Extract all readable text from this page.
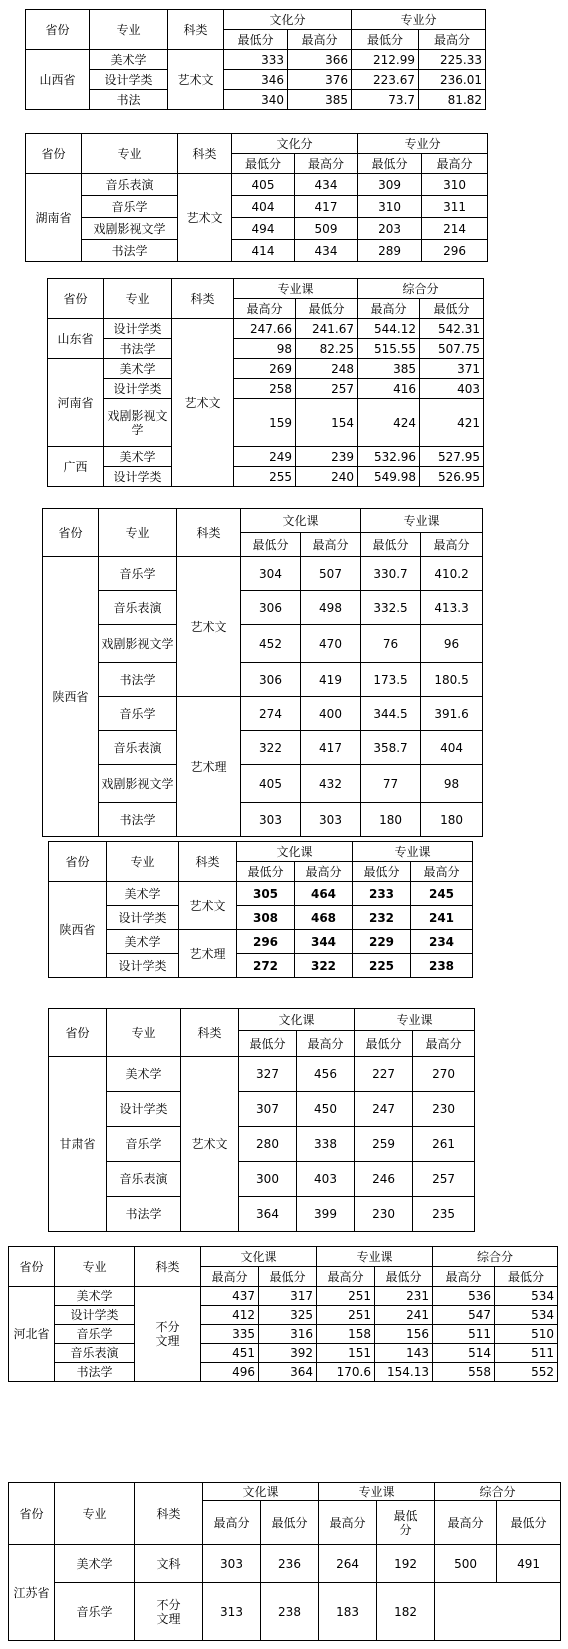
省份	专业	科类	文化分		专业分	
			最低分	最高分	最低分	最高分
山西省	美术学	艺术文	333	366	212.99	225.33
	设计学类		346	376	223.67	236.01
	书法		340	385	73.7	81.82
省份	专业	科类	文化分		专业分	
			最低分	最高分	最低分	最高分
湖南省	音乐表演	艺术文	405	434	309	310
	音乐学		404	417	310	311
	戏剧影视文学		494	509	203	214
	书法学		414	434	289	296
省份	专业	科类	专业课		综合分	
			最高分	最低分	最高分	最低分
山东省	设计学类	艺术文	247.66	241.67	544.12	542.31
	书法学		98	82.25	515.55	507.75
河南省	美术学		269	248	385	371
	设计学类		258	257	416	403
	戏剧影视文学		159	154	424	421
广西	美术学		249	239	532.96	527.95
	设计学类		255	240	549.98	526.95
省份	专业	科类	文化课		专业课	
			最低分	最高分	最低分	最高分
陕西省	音乐学	艺术文	304	507	330.7	410.2
	音乐表演		306	498	332.5	413.3
	戏剧影视文学		452	470	76	96
	书法学		306	419	173.5	180.5
	音乐学	艺术理	274	400	344.5	391.6
	音乐表演		322	417	358.7	404
	戏剧影视文学		405	432	77	98
	书法学		303	303	180	180
省份	专业	科类	文化课		专业课	
			最低分	最高分	最低分	最高分
陕西省	美术学	艺术文	305	464	233	245
	设计学类		308	468	232	241
	美术学	艺术理	296	344	229	234
	设计学类		272	322	225	238
省份	专业	科类	文化课		专业课	
			最低分	最高分	最低分	最高分
甘肃省	美术学	艺术文	327	456	227	270
	设计学类		307	450	247	230
	音乐学		280	338	259	261
	音乐表演		300	403	246	257
	书法学		364	399	230	235
省份	专业	科类	文化课		专业课		综合分	
			最高分	最低分	最高分	最低分	最高分	最低分
河北省	美术学	不分文理	437	317	251	231	536	534
	设计学类		412	325	251	241	547	534
	音乐学		335	316	158	156	511	510
	音乐表演		451	392	151	143	514	511
	书法学		496	364	170.6	154.13	558	552
省份	专业	科类	文化课		专业课		综合分	
			最高分	最低分	最高分	最低分	最高分	最低分
江苏省	美术学	文科	303	236	264	192	500	491
	音乐学	不分文理	313	238	183	182		
